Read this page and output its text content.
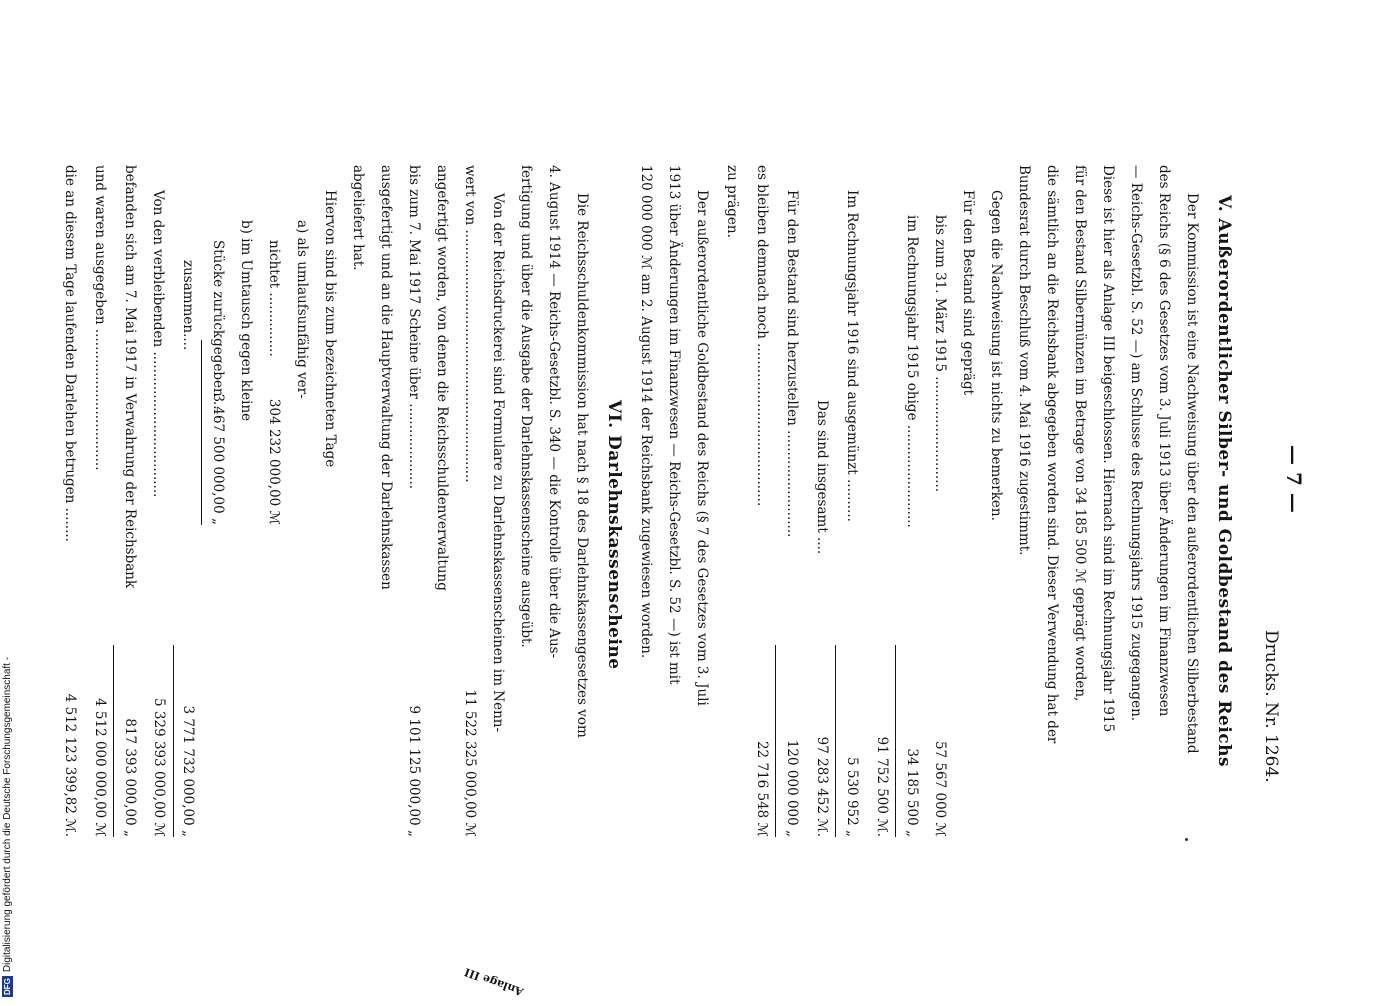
— 7 —
Drucks. Nr. 1264.
V. Außerordentlicher Silber- und Goldbestand des Reichs
Der Kommission ist eine Nachweisung über den außerordentlichen Silberbestand
des Reichs (§ 6 des Gesetzes vom 3. Juli 1913 über Änderungen im Finanzwesen
— Reichs-Gesetzbl. S. 52 —) am Schlusse des Rechnungsjahrs 1915 zugegangen.
Diese ist hier als Anlage III beigeschlossen. Hiernach sind im Rechnungsjahr 1915
für den Bestand Silbermünzen im Betrage von 34 185 500 ℳ geprägt worden,
die sämtlich an die Reichsbank abgegeben worden sind. Dieser Verwendung hat der
Bundesrat durch Beschluß vom 4. Mai 1916 zugestimmt.
Gegen die Nachweisung ist nichts zu bemerken.
Für den Bestand sind geprägt
bis zum 31. März 1915 ...........................
57 567 000 ℳ
im Rechnungsjahr 1915 ohige ........................
34 185 500 „
91 752 500 ℳ.
Im Rechnungsjahr 1916 sind ausgemünzt ..........
5 530 952 „
Das sind insgesamt ....
97 283 452 ℳ.
Für den Bestand sind herzustellen .........................
120 000 000 „
es bleiben demnach noch ......................................
22 716 548 ℳ
zu prägen.
Der außerordentliche Goldbestand des Reichs (§ 7 des Gesetzes vom 3. Juli
1913 über Änderungen im Finanzwesen — Reichs-Gesetzbl. S. 52 —) ist mit
120 000 000 ℳ am 2. August 1914 der Reichsbank zugewiesen worden.
VI. Darlehnskassenscheine
Die Reichsschuldenkommission hat nach § 18 des Darlehnskassengesetzes vom
4. August 1914 — Reichs-Gesetzbl. S. 340 — die Kontrolle über die Aus-
fertigung und über die Ausgabe der Darlehnskassenscheine ausgeübt.
Von der Reichsdruckerei sind Formulare zu Darlehnskassenscheinen im Nenn-
wert von ...........................................................
11 522 325 000,00 ℳ
angefertigt worden, von denen die Reichsschuldenverwaltung
bis zum 7. Mai 1917 Scheine über ....................
9 101 125 000,00 „
ausgefertigt und an die Hauptverwaltung der Darlehnskassen
abgeliefert hat.
Hiervon sind bis zum bezeichneten Tage
a) als umlaufsunfähig ver-
nichtet ...............
304 232 000,00 ℳ
b) im Umtausch gegen kleine
Stücke zurückgegeben ...
3 467 500 000,00 „
zusammen....
3 771 732 000,00 „
Von den verbleibenden ..................................
5 329 393 000,00 ℳ
befanden sich am 7. Mai 1917 in Verwahrung der Reichsbank
817 393 000,00 „
und waren ausgegeben .................................
4 512 000 000,00 ℳ
die an diesem Tage laufenden Darlehen betrugen ........
4 512 123 399,82 ℳ.
Anlage III
DFG
Digitalisierung gefördert durch die Deutsche Forschungsgemeinschaft -
